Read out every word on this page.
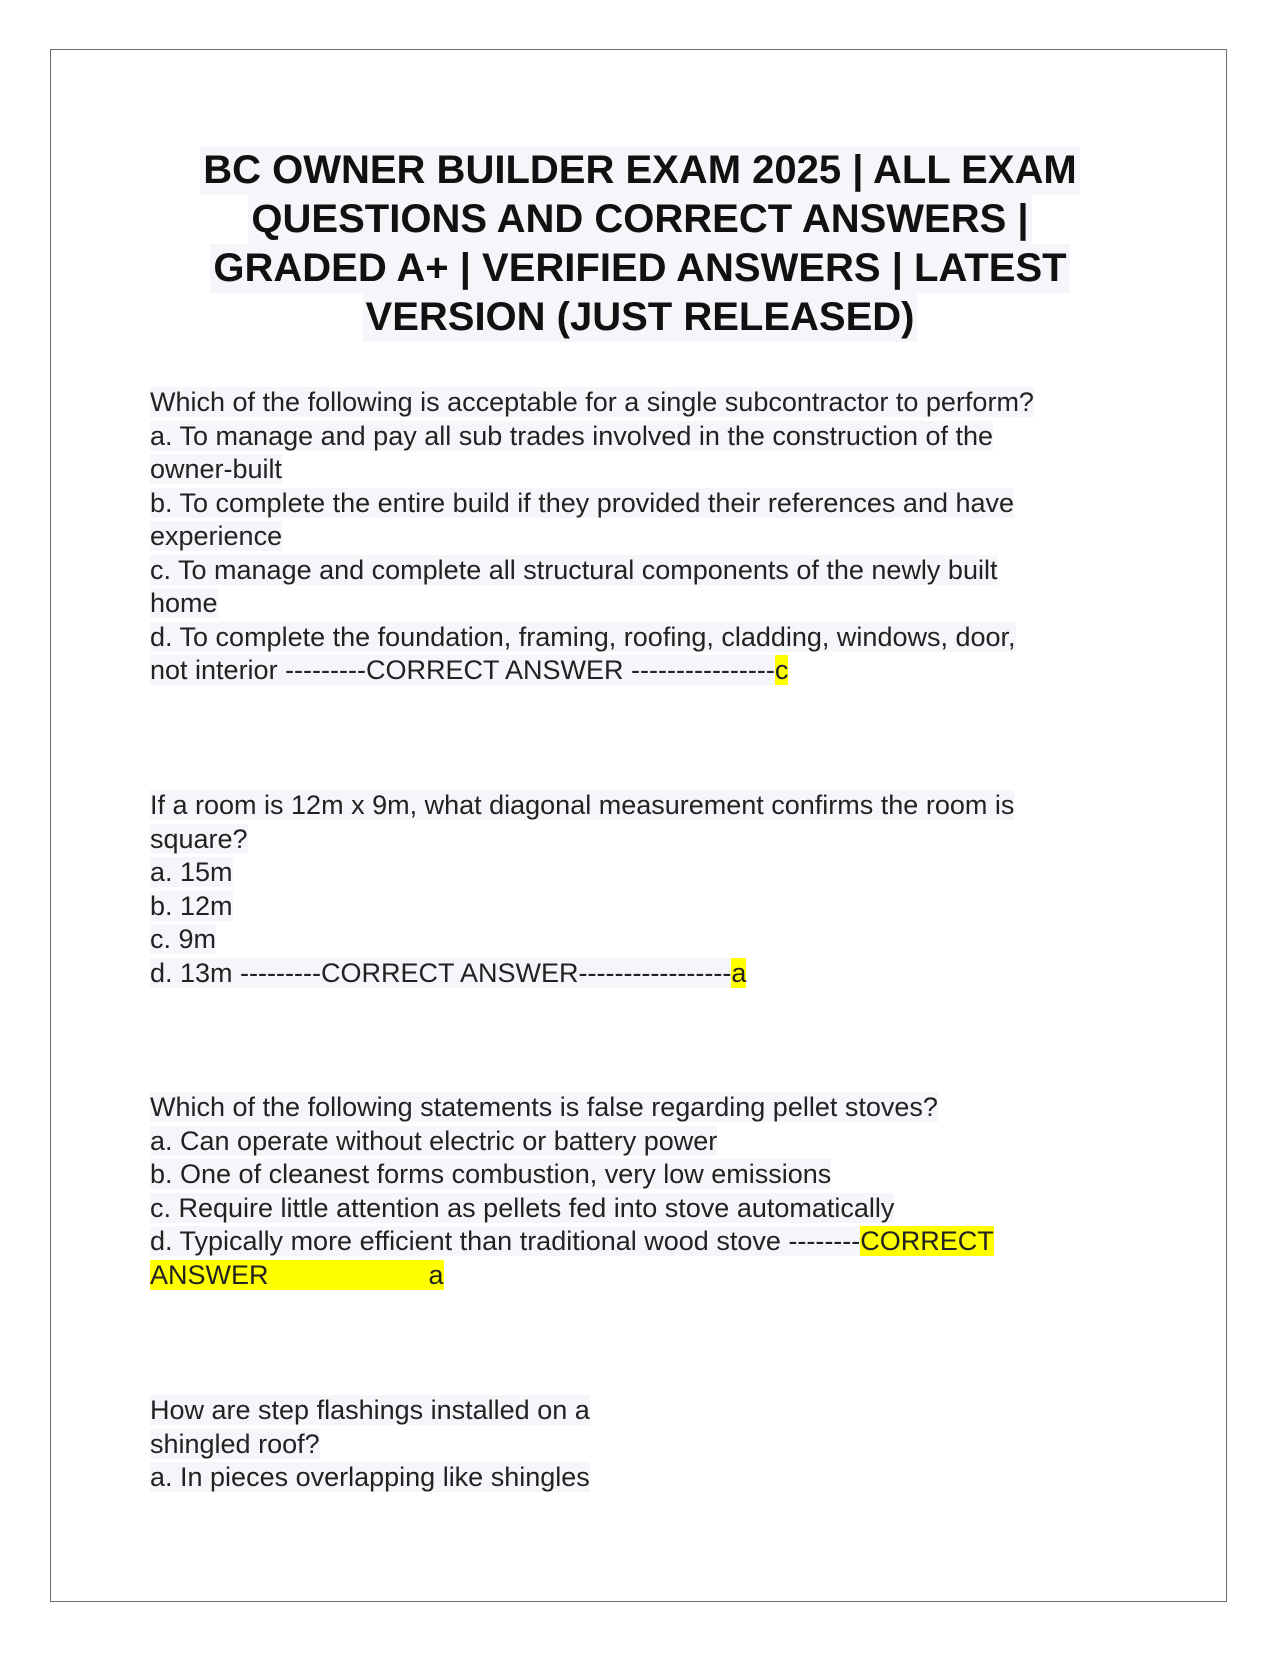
BC OWNER BUILDER EXAM 2025 | ALL EXAM
QUESTIONS AND CORRECT ANSWERS |
GRADED A+ | VERIFIED ANSWERS | LATEST
VERSION (JUST RELEASED)
Which of the following is acceptable for a single subcontractor to perform?
a. To manage and pay all sub trades involved in the construction of the
owner-built
b. To complete the entire build if they provided their references and have
experience
c. To manage and complete all structural components of the newly built
home
d. To complete the foundation, framing, roofing, cladding, windows, door,
not interior ---------CORRECT ANSWER ----------------c
If a room is 12m x 9m, what diagonal measurement confirms the room is
square?
a. 15m
b. 12m
c. 9m
d. 13m ---------CORRECT ANSWER-----------------a
Which of the following statements is false regarding pellet stoves?
a. Can operate without electric or battery power
b. One of cleanest forms combustion, very low emissions
c. Require little attention as pellets fed into stove automatically
d. Typically more efficient than traditional wood stove --------CORRECT
ANSWER	a
How are step flashings installed on a
shingled roof?
a. In pieces overlapping like shingles
